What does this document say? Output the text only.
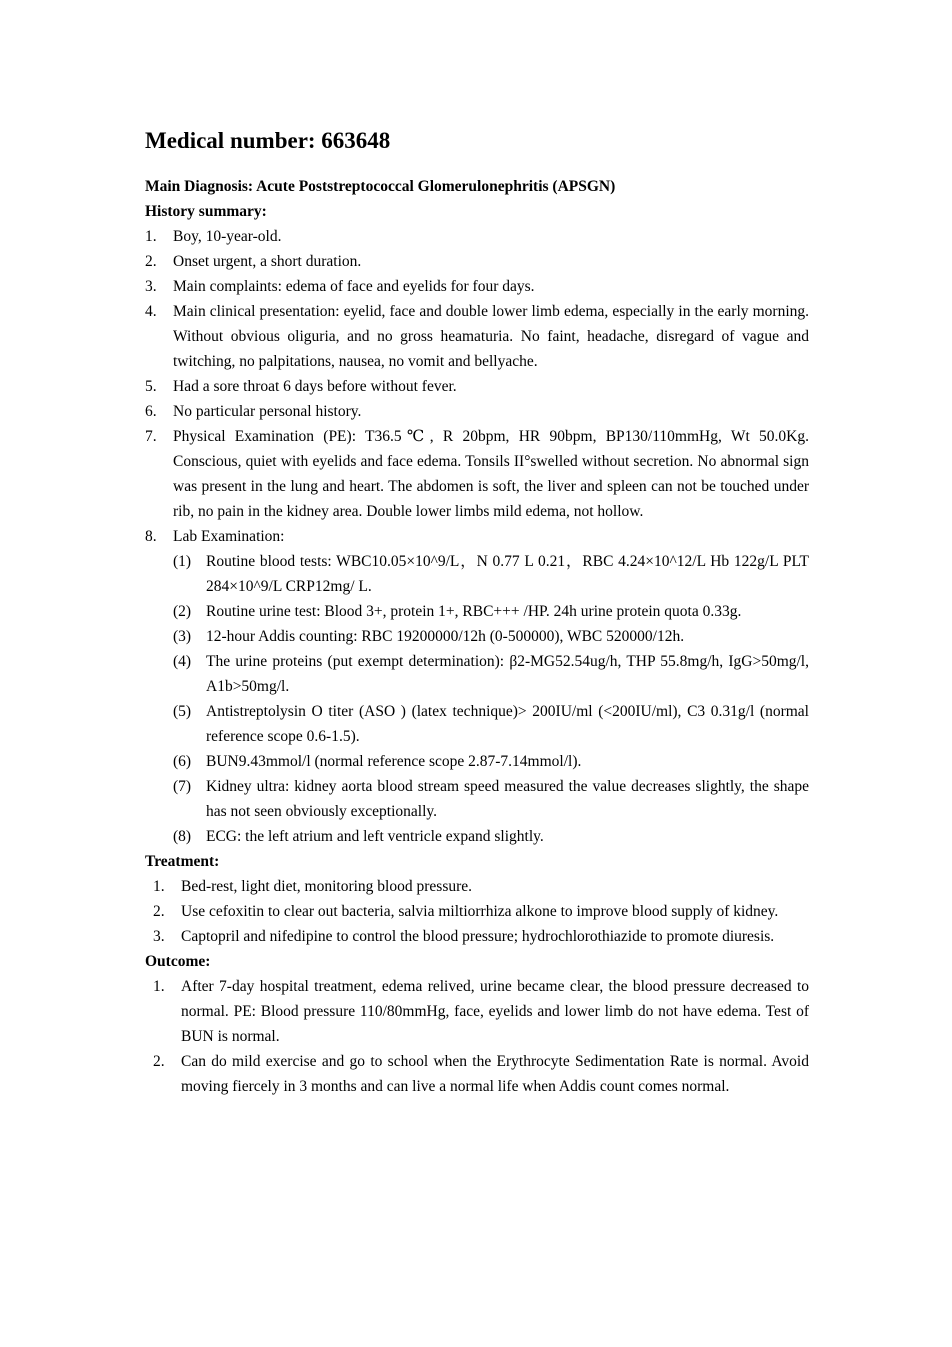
Medical number: 663648

Main Diagnosis: Acute Poststreptococcal Glomerulonephritis (APSGN)

History summary:

1. Boy, 10-year-old.
2. Onset urgent, a short duration.
3. Main complaints: edema of face and eyelids for four days.
4. Main clinical presentation: eyelid, face and double lower limb edema, especially in the early morning. Without obvious oliguria, and no gross heamaturia. No faint, headache, disregard of vague and twitching, no palpitations, nausea, no vomit and bellyache.
5. Had a sore throat 6 days before without fever.
6. No particular personal history.
7. Physical Examination (PE): T36.5℃, R 20bpm, HR 90bpm, BP130/110mmHg, Wt 50.0Kg. Conscious, quiet with eyelids and face edema. Tonsils II°swelled without secretion. No abnormal sign was present in the lung and heart. The abdomen is soft, the liver and spleen can not be touched under rib, no pain in the kidney area. Double lower limbs mild edema, not hollow.
8. Lab Examination:
(1) Routine blood tests: WBC10.05×10^9/L，N 0.77 L 0.21，RBC 4.24×10^12/L Hb 122g/L PLT 284×10^9/L CRP12mg/ L.
(2) Routine urine test: Blood 3+, protein 1+, RBC+++ /HP. 24h urine protein quota 0.33g.
(3) 12-hour Addis counting: RBC 19200000/12h (0-500000), WBC 520000/12h.
(4) The urine proteins (put exempt determination): β2-MG52.54ug/h, THP 55.8mg/h, IgG>50mg/l, A1b>50mg/l.
(5) Antistreptolysin O titer (ASO ) (latex technique)> 200IU/ml (<200IU/ml), C3 0.31g/l (normal reference scope 0.6-1.5).
(6) BUN9.43mmol/l (normal reference scope 2.87-7.14mmol/l).
(7) Kidney ultra: kidney aorta blood stream speed measured the value decreases slightly, the shape has not seen obviously exceptionally.
(8) ECG: the left atrium and left ventricle expand slightly.

Treatment:

1. Bed-rest, light diet, monitoring blood pressure.
2. Use cefoxitin to clear out bacteria, salvia miltiorrhiza alkone to improve blood supply of kidney.
3. Captopril and nifedipine to control the blood pressure; hydrochlorothiazide to promote diuresis.

Outcome:

1. After 7-day hospital treatment, edema relived, urine became clear, the blood pressure decreased to normal. PE: Blood pressure 110/80mmHg, face, eyelids and lower limb do not have edema. Test of BUN is normal.
2. Can do mild exercise and go to school when the Erythrocyte Sedimentation Rate is normal. Avoid moving fiercely in 3 months and can live a normal life when Addis count comes normal.
